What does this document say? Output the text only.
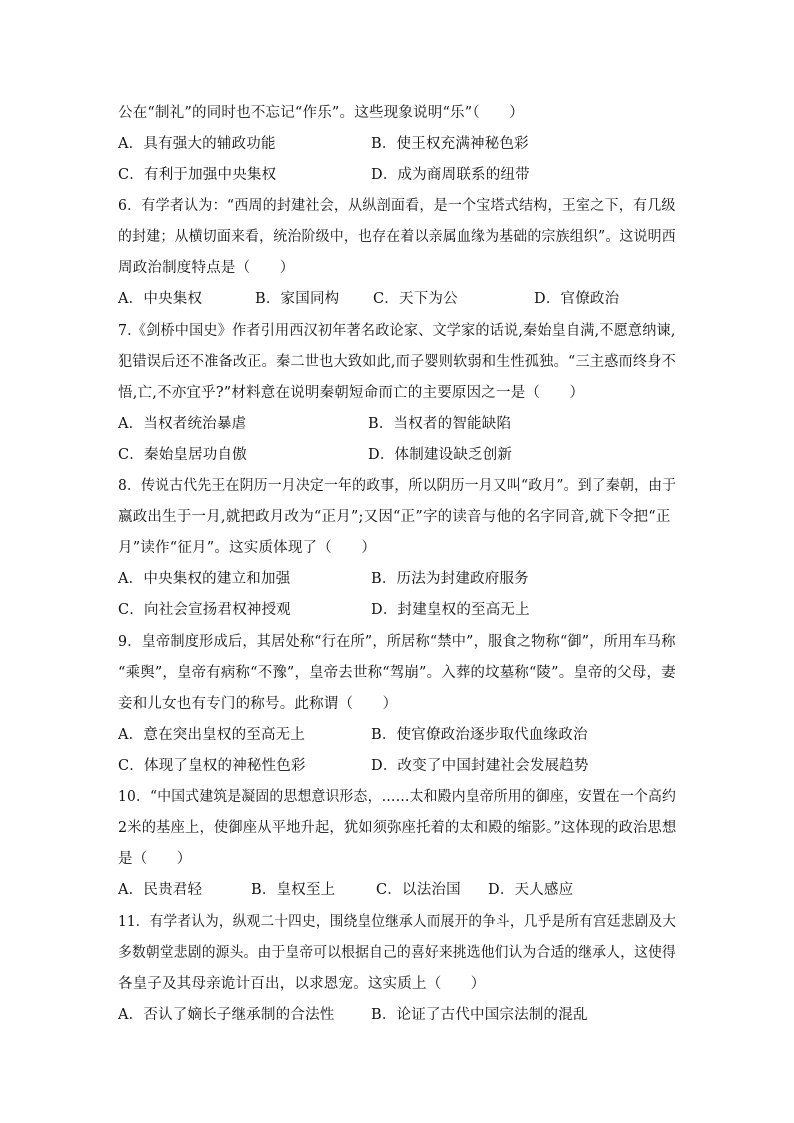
公在“制礼”的同时也不忘记“作乐”。这些现象说明“乐”（　　）
A．具有强大的辅政功能	B．使王权充满神秘色彩
C．有利于加强中央集权	D．成为商周联系的纽带
6．有学者认为：“西周的封建社会，从纵剖面看，是一个宝塔式结构，王室之下，有几级
的封建；从横切面来看，统治阶级中，也存在着以亲属血缘为基础的宗族组织”。这说明西
周政治制度特点是（　　）
A．中央集权	B．家国同构 C．天下为公	D．官僚政治
7.《剑桥中国史》作者引用西汉初年著名政论家、文学家的话说,秦始皇自满,不愿意纳谏,
犯错误后还不准备改正。秦二世也大致如此,而子婴则软弱和生性孤独。“三主惑而终身不
悟,亡,不亦宜乎?”材料意在说明秦朝短命而亡的主要原因之一是（　　）
A．当权者统治暴虐	B．当权者的智能缺陷
C．秦始皇居功自傲	D．体制建设缺乏创新
8．传说古代先王在阴历一月决定一年的政事，所以阴历一月又叫“政月”。到了秦朝，由于
嬴政出生于一月,就把政月改为“正月”;又因“正”字的读音与他的名字同音,就下令把“正
月”读作“征月”。这实质体现了（　　）
A．中央集权的建立和加强	B．历法为封建政府服务
C．向社会宣扬君权神授观	D．封建皇权的至高无上
9．皇帝制度形成后，其居处称“行在所”，所居称“禁中”，服食之物称“御”，所用车马称
“乘舆”，皇帝有病称“不豫”，皇帝去世称“驾崩”。入葬的坟墓称“陵”。皇帝的父母，妻
妾和儿女也有专门的称号。此称谓（　　）
A．意在突出皇权的至高无上	B．使官僚政治逐步取代血缘政治
C．体现了皇权的神秘性色彩	D．改变了中国封建社会发展趋势
10．“中国式建筑是凝固的思想意识形态，……太和殿内皇帝所用的御座，安置在一个高约
2米的基座上，使御座从平地升起，犹如须弥座托着的太和殿的缩影。”这体现的政治思想
是（　　）
A．民贵君轻	B．皇权至上	C．以法治国 D．天人感应
11．有学者认为，纵观二十四史，围绕皇位继承人而展开的争斗，几乎是所有宫廷悲剧及大
多数朝堂悲剧的源头。由于皇帝可以根据自己的喜好来挑选他们认为合适的继承人，这使得
各皇子及其母亲诡计百出，以求恩宠。这实质上（　　）
A．否认了嫡长子继承制的合法性	B．论证了古代中国宗法制的混乱
